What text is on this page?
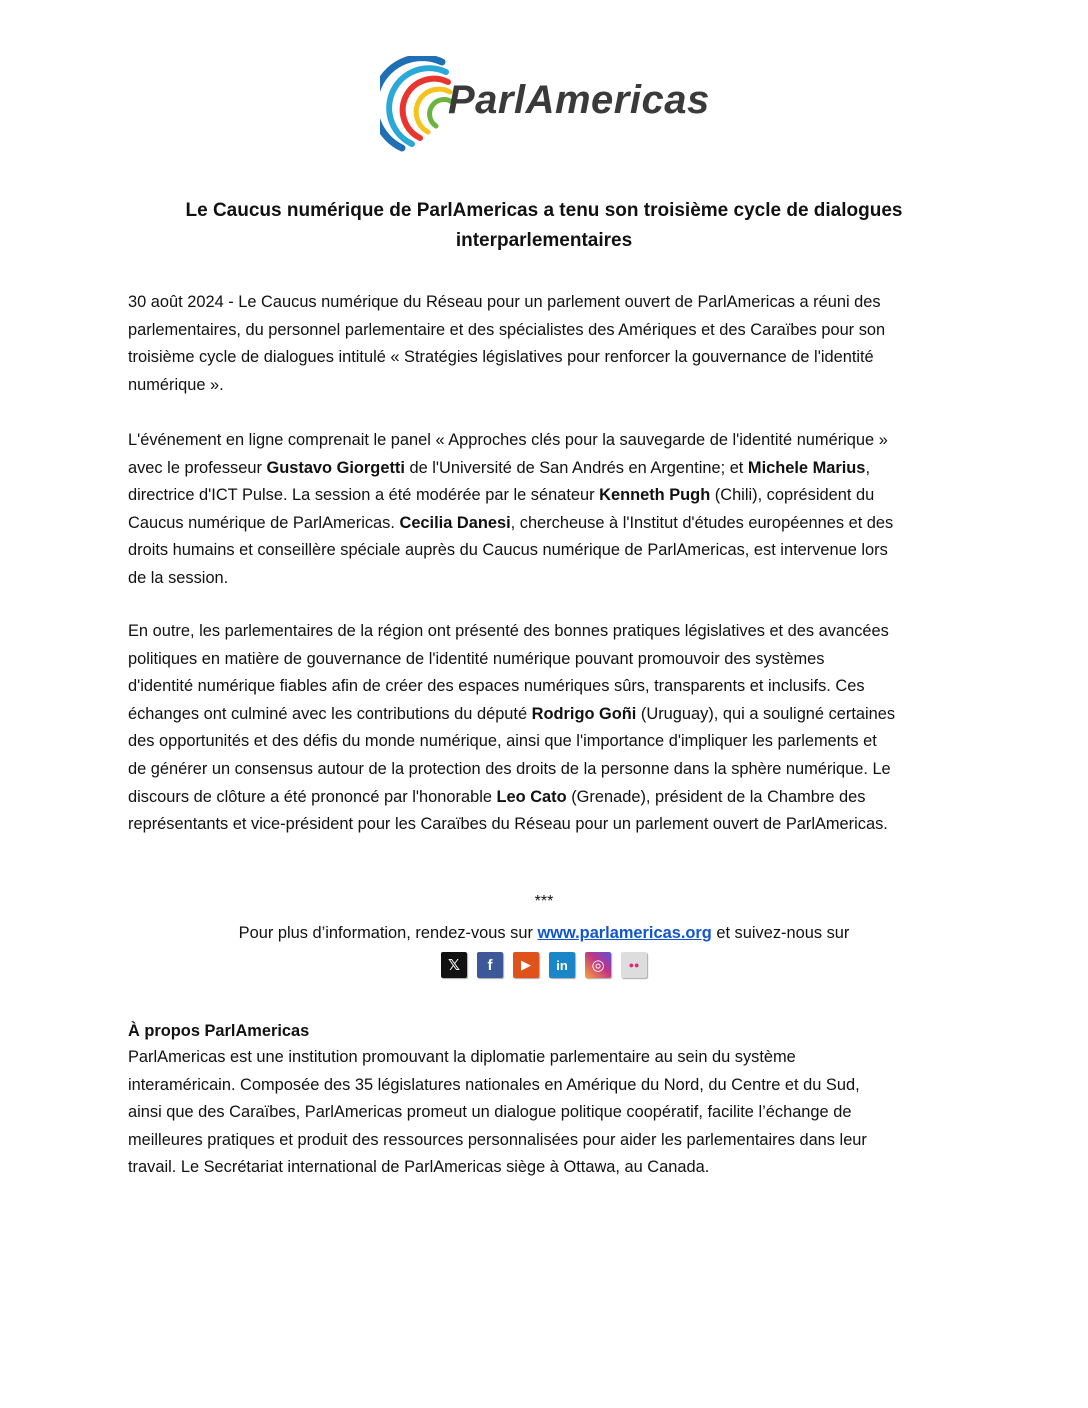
ParlAmericas
Le Caucus numérique de ParlAmericas a tenu son troisième cycle de dialogues
interparlementaires
30 août 2024 - Le Caucus numérique du Réseau pour un parlement ouvert de ParlAmericas a réuni des
parlementaires, du personnel parlementaire et des spécialistes des Amériques et des Caraïbes pour son
troisième cycle de dialogues intitulé « Stratégies législatives pour renforcer la gouvernance de l'identité
numérique ».
L'événement en ligne comprenait le panel « Approches clés pour la sauvegarde de l'identité numérique »
avec le professeur Gustavo Giorgetti de l'Université de San Andrés en Argentine; et Michele Marius,
directrice d'ICT Pulse. La session a été modérée par le sénateur Kenneth Pugh (Chili), coprésident du
Caucus numérique de ParlAmericas. Cecilia Danesi, chercheuse à l'Institut d'études européennes et des
droits humains et conseillère spéciale auprès du Caucus numérique de ParlAmericas, est intervenue lors
de la session.
En outre, les parlementaires de la région ont présenté des bonnes pratiques législatives et des avancées
politiques en matière de gouvernance de l'identité numérique pouvant promouvoir des systèmes
d'identité numérique fiables afin de créer des espaces numériques sûrs, transparents et inclusifs. Ces
échanges ont culminé avec les contributions du député Rodrigo Goñi (Uruguay), qui a souligné certaines
des opportunités et des défis du monde numérique, ainsi que l'importance d'impliquer les parlements et
de générer un consensus autour de la protection des droits de la personne dans la sphère numérique. Le
discours de clôture a été prononcé par l'honorable Leo Cato (Grenade), président de la Chambre des
représentants et vice-président pour les Caraïbes du Réseau pour un parlement ouvert de ParlAmericas.
***
Pour plus d’information, rendez-vous sur www.parlamericas.org et suivez-nous sur
𝕏	f	▶	in	◎	●●
À propos ParlAmericas
ParlAmericas est une institution promouvant la diplomatie parlementaire au sein du système
interaméricain. Composée des 35 législatures nationales en Amérique du Nord, du Centre et du Sud,
ainsi que des Caraïbes, ParlAmericas promeut un dialogue politique coopératif, facilite l’échange de
meilleures pratiques et produit des ressources personnalisées pour aider les parlementaires dans leur
travail. Le Secrétariat international de ParlAmericas siège à Ottawa, au Canada.
